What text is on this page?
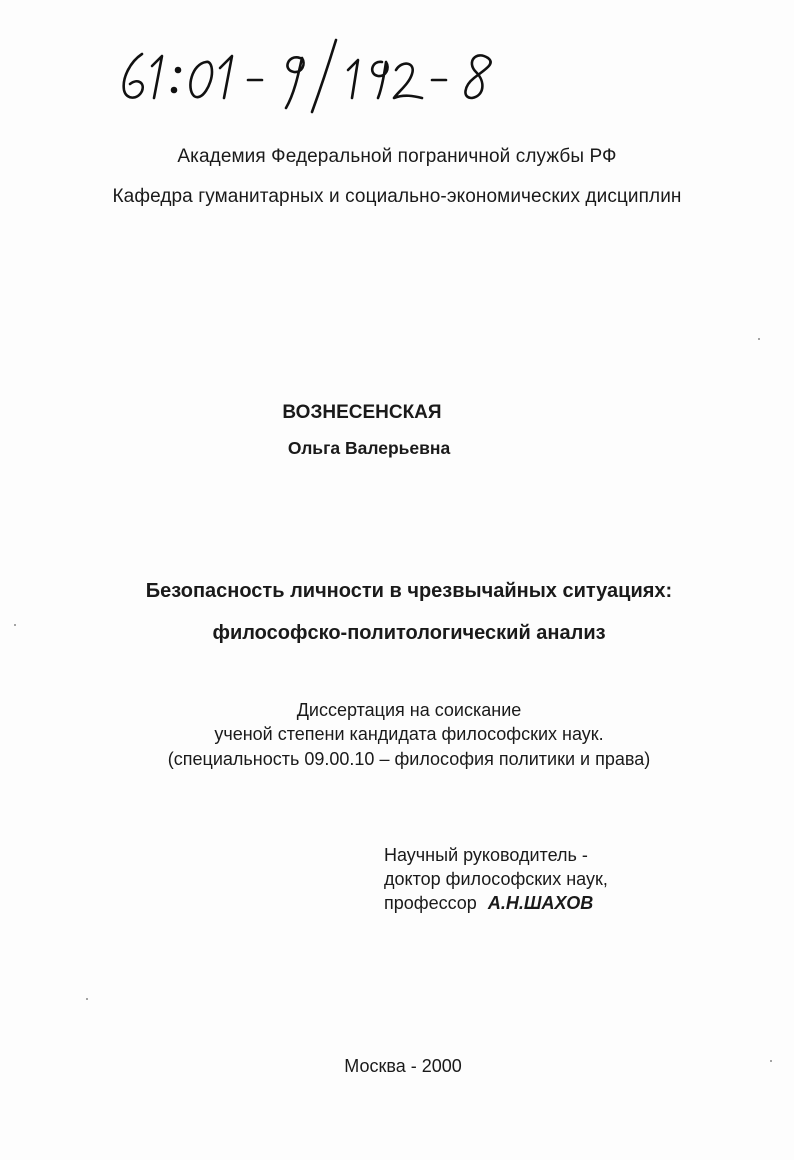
Академия Федеральной пограничной службы РФ
Кафедра гуманитарных и социально-экономических дисциплин
ВОЗНЕСЕНСКАЯ
Ольга Валерьевна
Безопасность личности в чрезвычайных ситуациях:
философско-политологический анализ
Диссертация на соискание
ученой степени кандидата философских наук.
(специальность 09.00.10 – философия политики и права)
Научный руководитель -
доктор философских наук,
профессор А.Н.ШАХОВ
Москва - 2000
